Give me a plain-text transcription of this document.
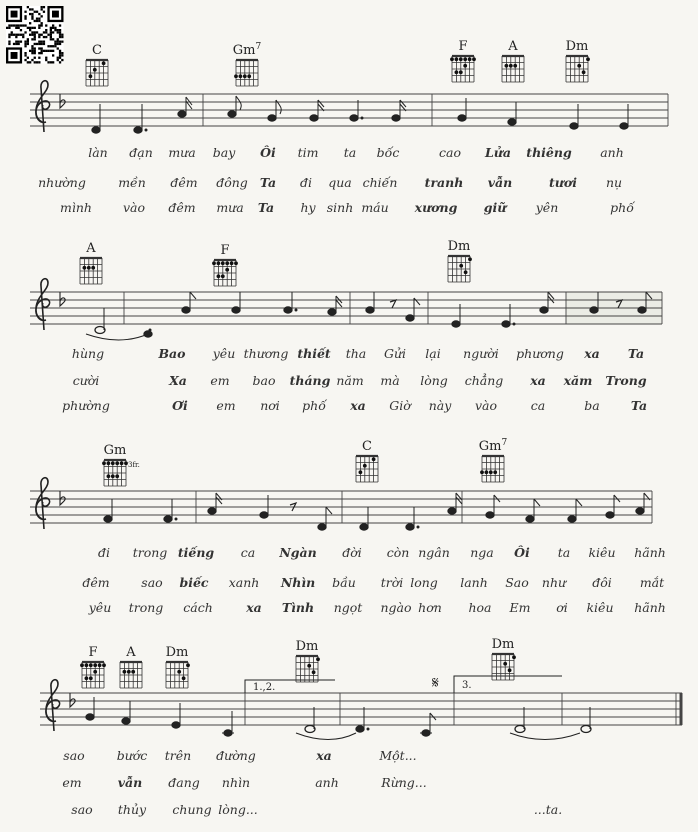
1.,2.	3.
𝄋
C	Gm$^7$	F	A	Dm
A	F	Dm
Gm
3fr.
C	Gm$^7$
F A Dm	Dm	Dm
làn đạn mưa bay Ôi tim ta bốc	cao Lửa thiêng anh
nhường	mền đêm đông Ta đi qua chiến tranh vẫn	tươi nụ
mình vào đêm mưa Ta hy sinh máu xương giữ yên	phố
hùng	Bao yêu thương thiết tha Gửi lại người phương xa Ta
cười	Xa em bao tháng năm mà lòng chẳng xa xăm Trong
phường	Ơi em nơi phố xa Giờ này vào	ca	ba Ta
đi trong tiếng ca Ngàn đời còn ngân nga Ôi ta kiêu hãnh
đêm	sao biếc xanh Nhìn bầu trời long lanh Sao như đôi mắt
yêu trong cách	xa Tình ngọt ngào hơn hoa Em ơi kiêu hãnh
sao	bước trên đường	xa	Một...
em	vẫn đang nhìn	anh	Rừng...
sao thủy chung lòng...	...ta.
